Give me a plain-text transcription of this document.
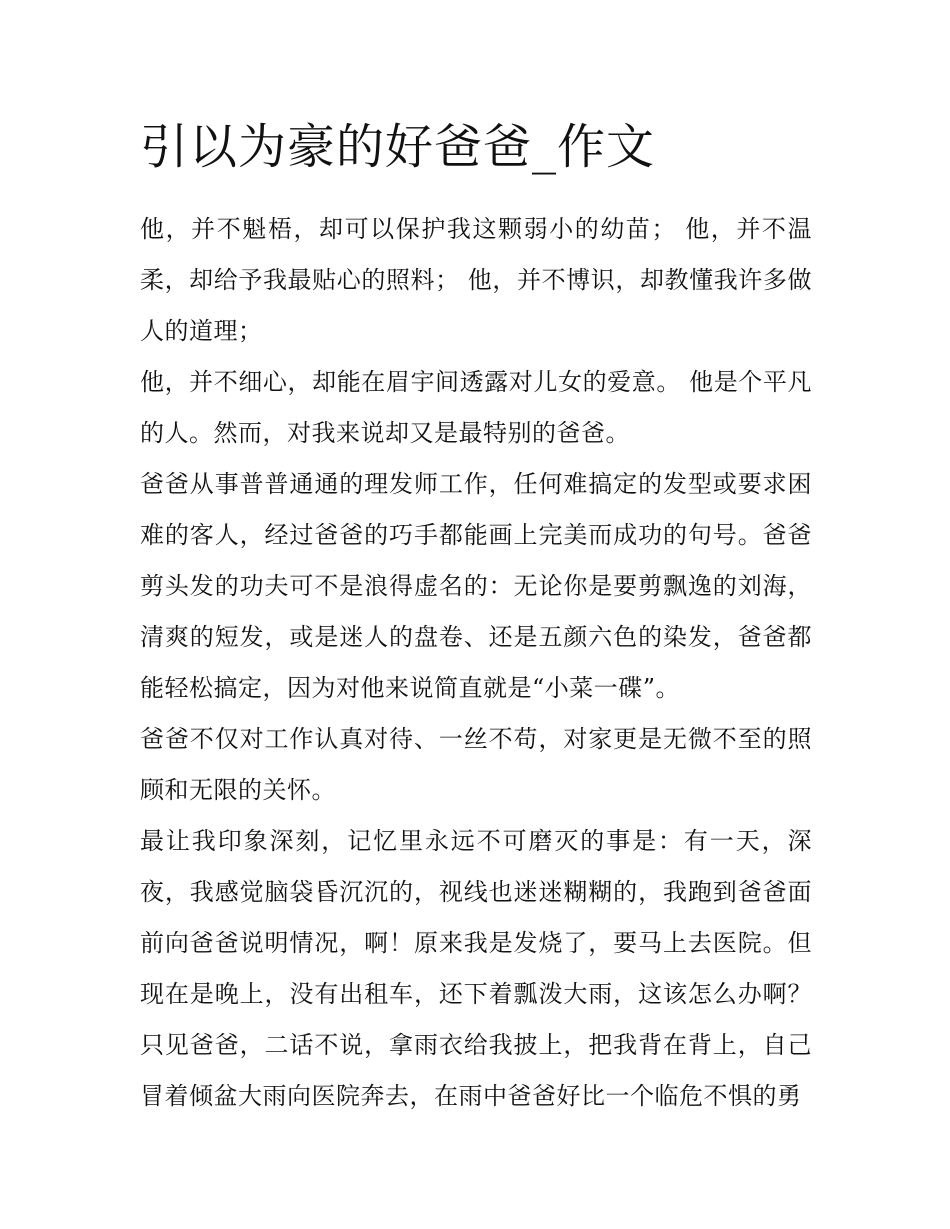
引以为豪的好爸爸_作文

他，并不魁梧，却可以保护我这颗弱小的幼苗； 他，并不温柔，却给予我最贴心的照料； 他，并不博识，却教懂我许多做人的道理；

他，并不细心，却能在眉宇间透露对儿女的爱意。 他是个平凡的人。然而，对我来说却又是最特别的爸爸。

爸爸从事普普通通的理发师工作，任何难搞定的发型或要求困难的客人，经过爸爸的巧手都能画上完美而成功的句号。爸爸剪头发的功夫可不是浪得虚名的：无论你是要剪飘逸的刘海，清爽的短发，或是迷人的盘卷、还是五颜六色的染发，爸爸都能轻松搞定，因为对他来说简直就是“小菜一碟”。

爸爸不仅对工作认真对待、一丝不苟，对家更是无微不至的照顾和无限的关怀。

最让我印象深刻，记忆里永远不可磨灭的事是：有一天，深夜，我感觉脑袋昏沉沉的，视线也迷迷糊糊的，我跑到爸爸面前向爸爸说明情况，啊！原来我是发烧了，要马上去医院。但现在是晚上，没有出租车，还下着瓢泼大雨，这该怎么办啊？只见爸爸，二话不说，拿雨衣给我披上，把我背在背上，自己冒着倾盆大雨向医院奔去，在雨中爸爸好比一个临危不惧的勇
